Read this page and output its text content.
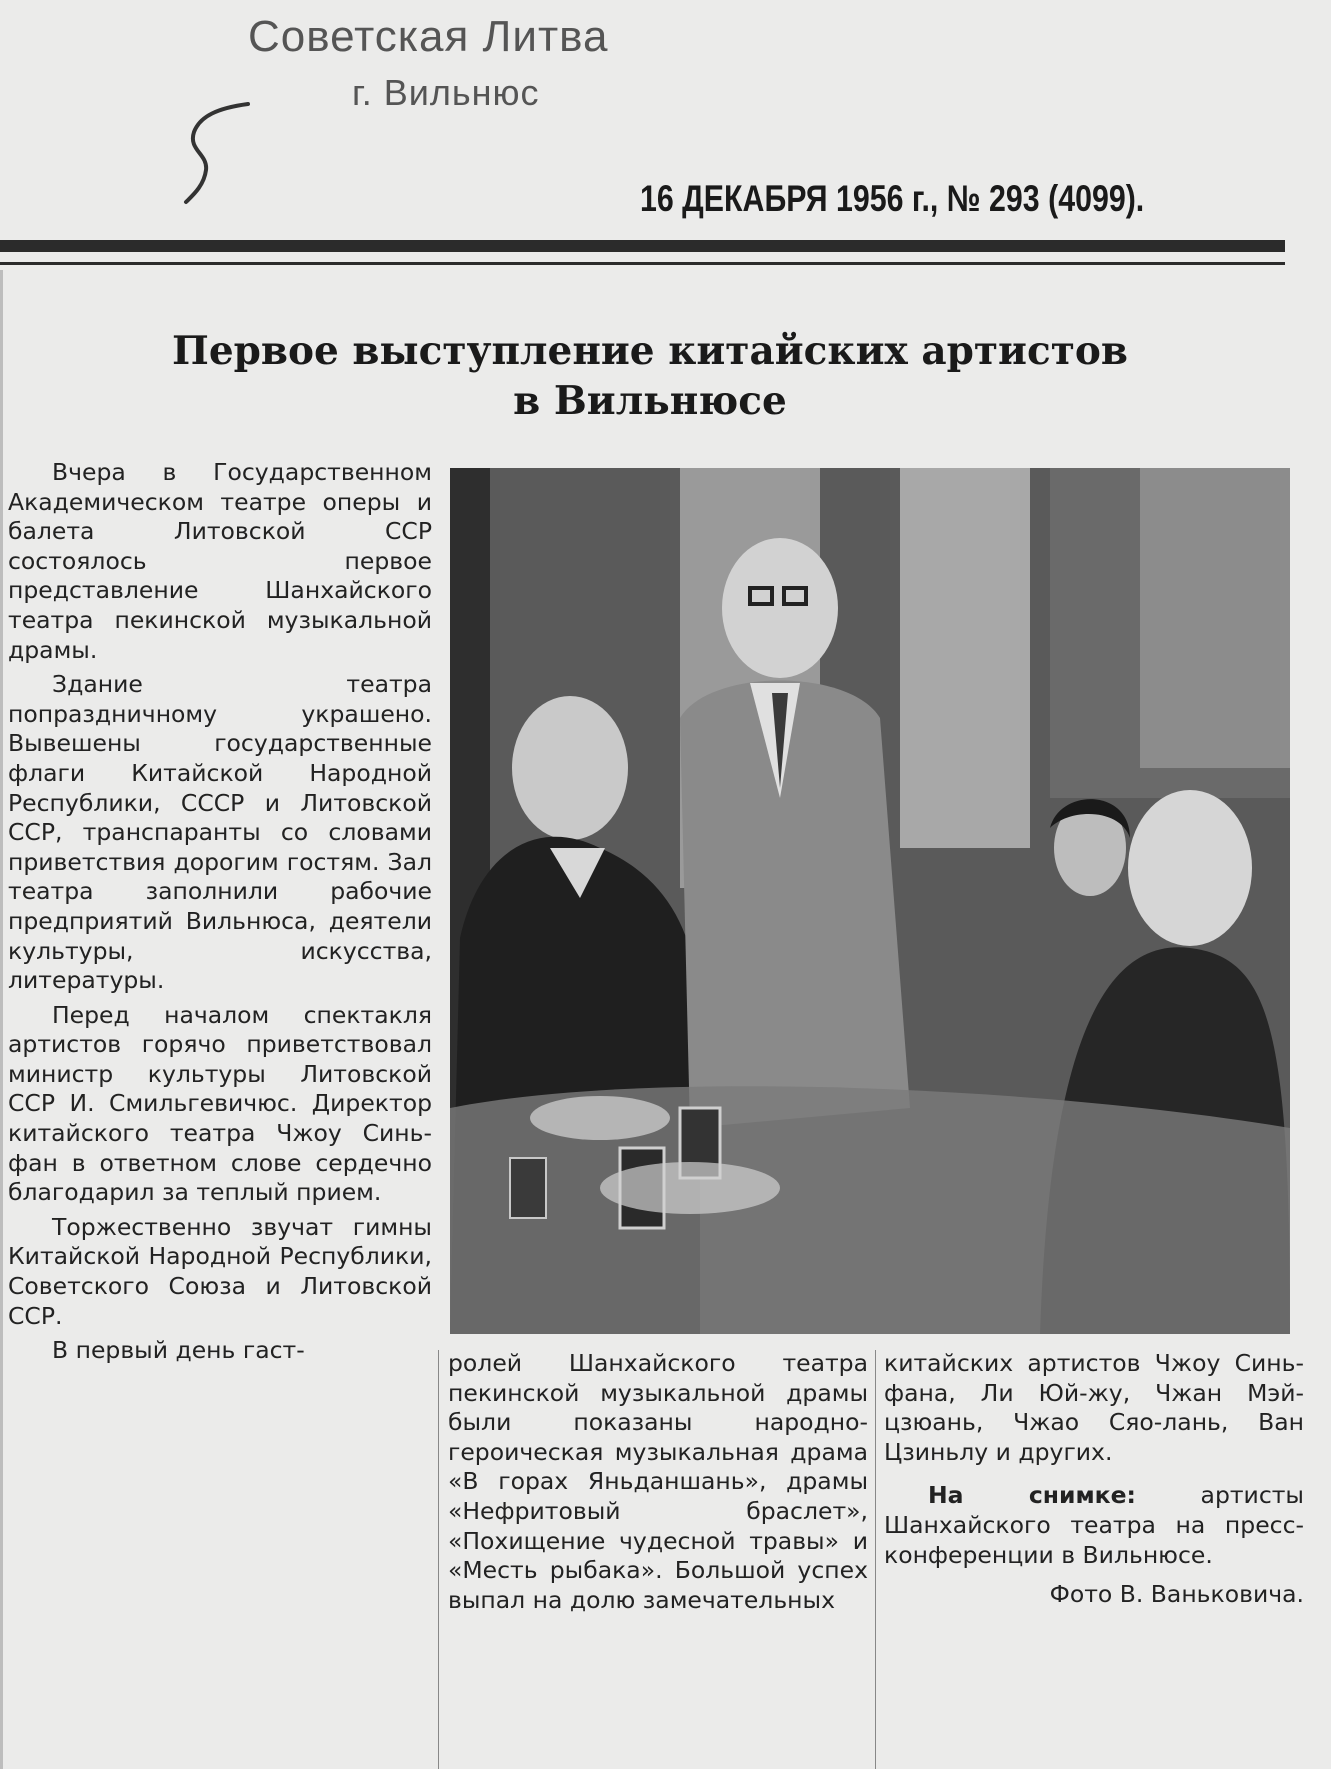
Советская Литва
г. Вильнюс
16 ДЕКАБРЯ 1956 г., № 293 (4099).
Первое выступление китайских артистов
в Вильнюсе

Вчера в Государственном Академическом театре оперы и балета Литовской ССР состоялось первое представление Шанхайского театра пекинской музыкальной драмы.

Здание театра попраздничному украшено. Вывешены государственные флаги Китайской Народной Республики, СССР и Литовской ССР, транспаранты со словами приветствия дорогим гостям. Зал театра заполнили рабочие предприятий Вильнюса, деятели культуры, искусства, литературы.

Перед началом спектакля артистов горячо приветствовал министр культуры Литовской ССР И. Смильгевичюс. Директор китайского театра Чжоу Синь-фан в ответном слове сердечно благодарил за теплый прием.

Торжественно звучат гимны Китайской Народной Республики, Советского Союза и Литовской ССР.

В первый день гаст-	ролей Шанхайского театра пекинской музыкальной драмы были показаны народно-героическая музыкальная драма «В горах Яньданшань», драмы «Нефритовый браслет», «Похищение чудесной травы» и «Месть рыбака». Большой успех выпал на долю замечательных

китайских артистов Чжоу Синь-фана, Ли Юй-жу, Чжан Мэй-цзюань, Чжао Сяо-лань, Ван Цзиньлу и других.

На снимке: артисты Шанхайского театра на пресс-конференции в Вильнюсе.

Фото В. Ваньковича.
